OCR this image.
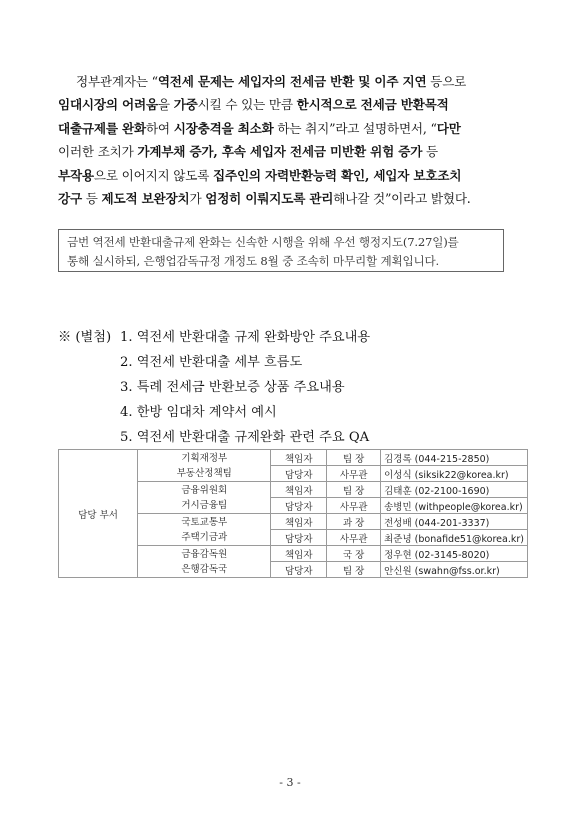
정부관계자는 “역전세 문제는 세입자의 전세금 반환 및 이주 지연 등으로
임대시장의 어려움을 가중시킬 수 있는 만큼 한시적으로 전세금 반환목적
대출규제를 완화하여 시장충격을 최소화 하는 취지”라고 설명하면서, “다만
이러한 조치가 가계부채 증가, 후속 세입자 전세금 미반환 위험 증가 등
부작용으로 이어지지 않도록 집주인의 자력반환능력 확인, 세입자 보호조치
강구 등 제도적 보완장치가 엄정히 이뤄지도록 관리해나갈 것”이라고 밝혔다.
금번 역전세 반환대출규제 완화는 신속한 시행을 위해 우선 행정지도(7.27일)를
통해 실시하되, 은행업감독규정 개정도 8월 중 조속히 마무리할 계획입니다.
※ (별첨) 1. 역전세 반환대출 규제 완화방안 주요내용
2. 역전세 반환대출 세부 흐름도
3. 특례 전세금 반환보증 상품 주요내용
4. 한방 임대차 계약서 예시
5. 역전세 반환대출 규제완화 관련 주요 QA
담당 부서	기획재정부
부동산정책팀	책임자	팀 장	김경록 (044-215-2850)
		담당자	사무관	이성식 (siksik22@korea.kr)
	금융위원회
거시금융팀	책임자	팀 장	김태훈 (02-2100-1690)
		담당자	사무관	송병민 (withpeople@korea.kr)
	국토교통부
주택기금과	책임자	과 장	전성배 (044-201-3337)
		담당자	사무관	최준녕 (bonafide51@korea.kr)
	금융감독원
은행감독국	책임자	국 장	정우현 (02-3145-8020)
		담당자	팀 장	안신원 (swahn@fss.or.kr)
- 3 -
